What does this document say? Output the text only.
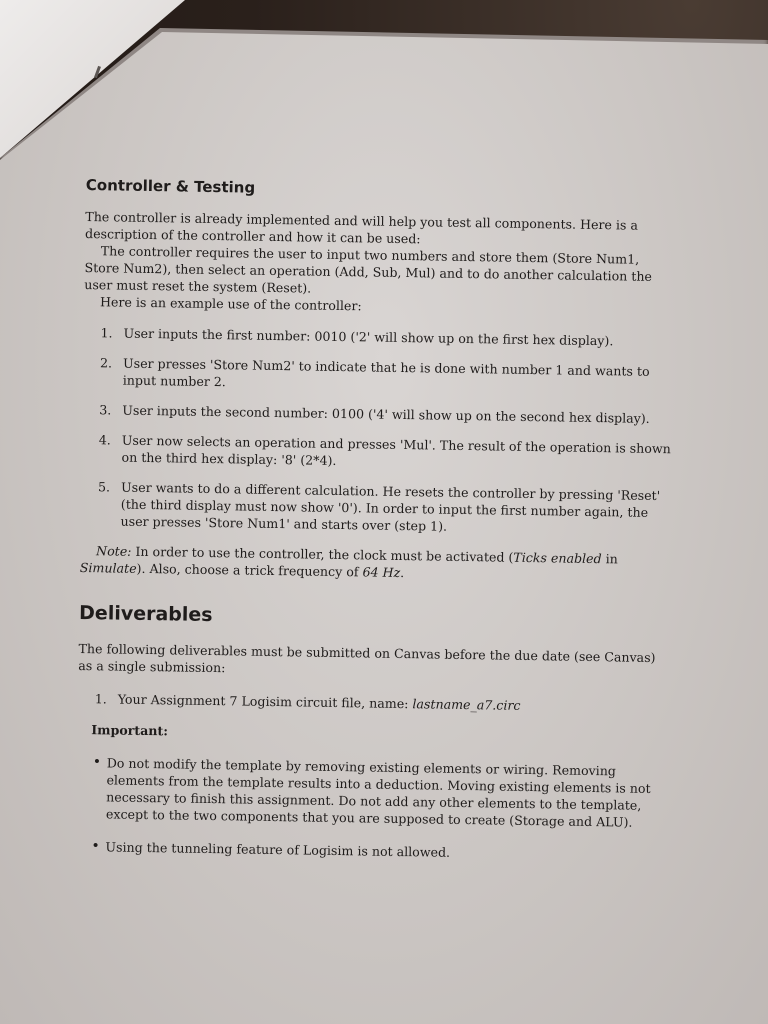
Controller & Testing

The controller is already implemented and will help you test all components. Here is a description of the controller and how it can be used:

The controller requires the user to input two numbers and store them (Store Num1, Store Num2), then select an operation (Add, Sub, Mul) and to do another calculation the user must reset the system (Reset).

Here is an example use of the controller:

1. User inputs the first number: 0010 ('2' will show up on the first hex display).
2. User presses 'Store Num2' to indicate that he is done with number 1 and wants to input number 2.
3. User inputs the second number: 0100 ('4' will show up on the second hex display).
4. User now selects an operation and presses 'Mul'. The result of the operation is shown on the third hex display: '8' (2*4).
5. User wants to do a different calculation. He resets the controller by pressing 'Reset' (the third display must now show '0'). In order to input the first number again, the user presses 'Store Num1' and starts over (step 1).

Note: In order to use the controller, the clock must be activated (Ticks enabled in Simulate). Also, choose a trick frequency of 64 Hz.

Deliverables

The following deliverables must be submitted on Canvas before the due date (see Canvas) as a single submission:

1. Your Assignment 7 Logisim circuit file, name: lastname_a7.circ
Important:
• Do not modify the template by removing existing elements or wiring. Removing elements from the template results into a deduction. Moving existing elements is not necessary to finish this assignment. Do not add any other elements to the template, except to the two components that you are supposed to create (Storage and ALU).
• Using the tunneling feature of Logisim is not allowed.
